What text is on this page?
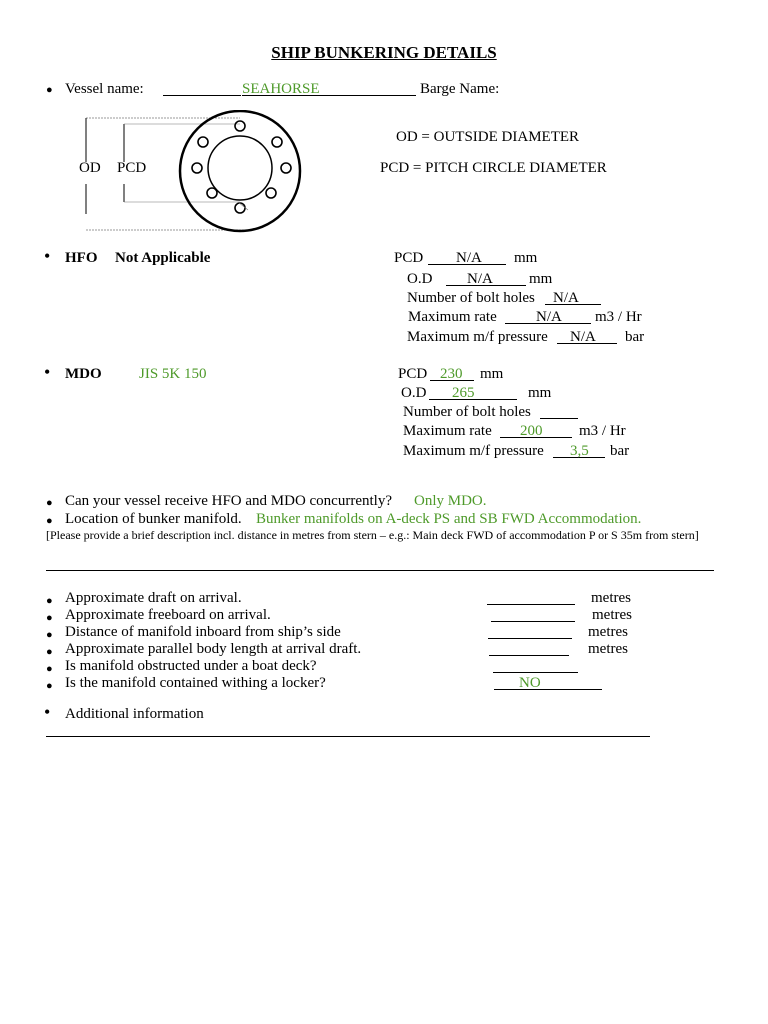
SHIP BUNKERING DETAILS
● Vessel name:	SEAHORSE	Barge Name:
OD PCD
OD = OUTSIDE DIAMETER
PCD = PITCH CIRCLE DIAMETER
• HFO Not Applicable	PCD N/A mm
O.D N/A mm
Number of bolt holes N/A
Maximum rate	N/A m3 / Hr
Maximum m/f pressure N/A bar
• MDO JIS 5K 150	PCD 230 mm
O.D 265	mm
Number of bolt holes
Maximum rate 200 m3 / Hr
Maximum m/f pressure 3,5 bar
● Can your vessel receive HFO and MDO concurrently? Only MDO.
● Location of bunker manifold. Bunker manifolds on A-deck PS and SB FWD Accommodation.
[Please provide a brief description incl. distance in metres from stern – e.g.: Main deck FWD of accommodation P or S 35m from stern]
● Approximate draft on arrival.	metres
● Approximate freeboard on arrival.	metres
● Distance of manifold inboard from ship’s side	metres
● Approximate parallel body length at arrival draft.	metres
● Is manifold obstructed under a boat deck?
● Is the manifold contained withing a locker?	NO
• Additional information
